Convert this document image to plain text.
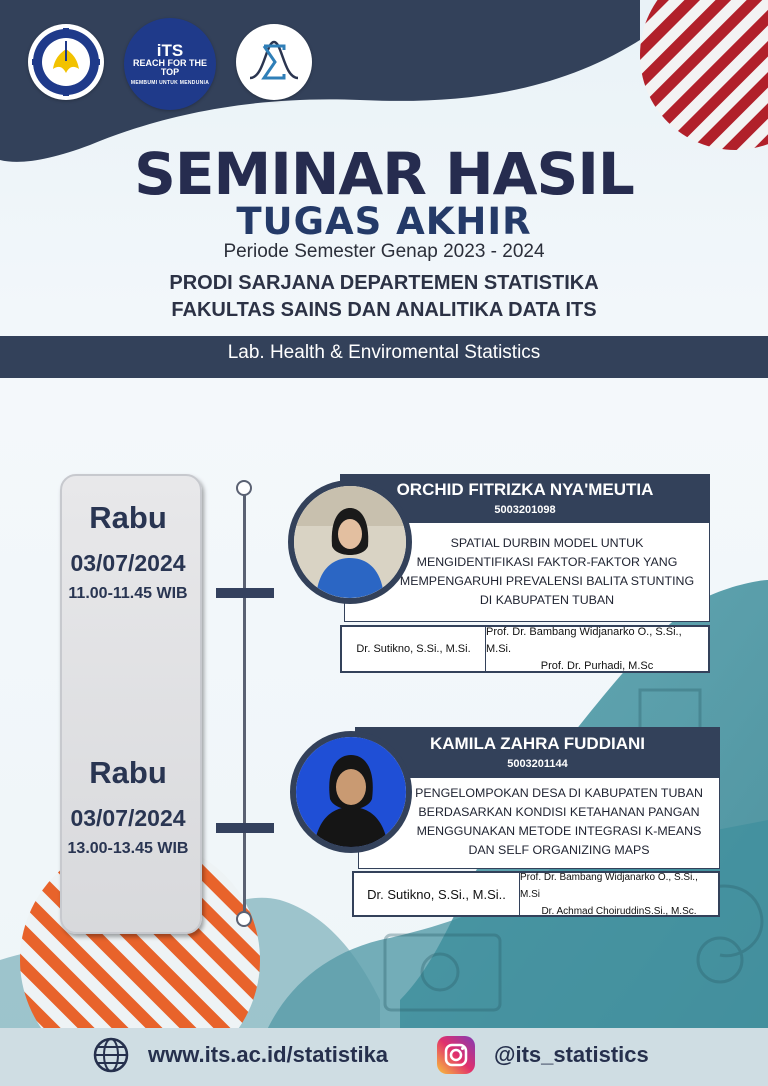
iTS
REACH FOR THE TOP
MEMBUMI UNTUK MENDUNIA
SEMINAR HASIL
TUGAS AKHIR
Periode Semester Genap 2023 - 2024
PRODI SARJANA DEPARTEMEN STATISTIKA
FAKULTAS SAINS DAN ANALITIKA DATA ITS
Lab. Health & Enviromental Statistics
Rabu
03/07/2024
11.00-11.45 WIB
Rabu
03/07/2024
13.00-13.45 WIB
ORCHID FITRIZKA NYA'MEUTIA
5003201098
SPATIAL DURBIN MODEL UNTUK
MENGIDENTIFIKASI FAKTOR-FAKTOR YANG
MEMPENGARUHI PREVALENSI BALITA STUNTING
DI KABUPATEN TUBAN
Dr. Sutikno, S.Si., M.Si.
Prof. Dr. Bambang Widjanarko O., S.Si., M.Si.
Prof. Dr. Purhadi, M.Sc
KAMILA ZAHRA FUDDIANI
5003201144
PENGELOMPOKAN DESA DI KABUPATEN TUBAN
BERDASARKAN KONDISI KETAHANAN PANGAN
MENGGUNAKAN METODE INTEGRASI K-MEANS
DAN SELF ORGANIZING MAPS
Dr. Sutikno, S.Si., M.Si..
Prof. Dr. Bambang Widjanarko O., S.Si., M.Si
Dr. Achmad ChoiruddinS.Si., M.Sc.
www.its.ac.id/statistika	@its_statistics
